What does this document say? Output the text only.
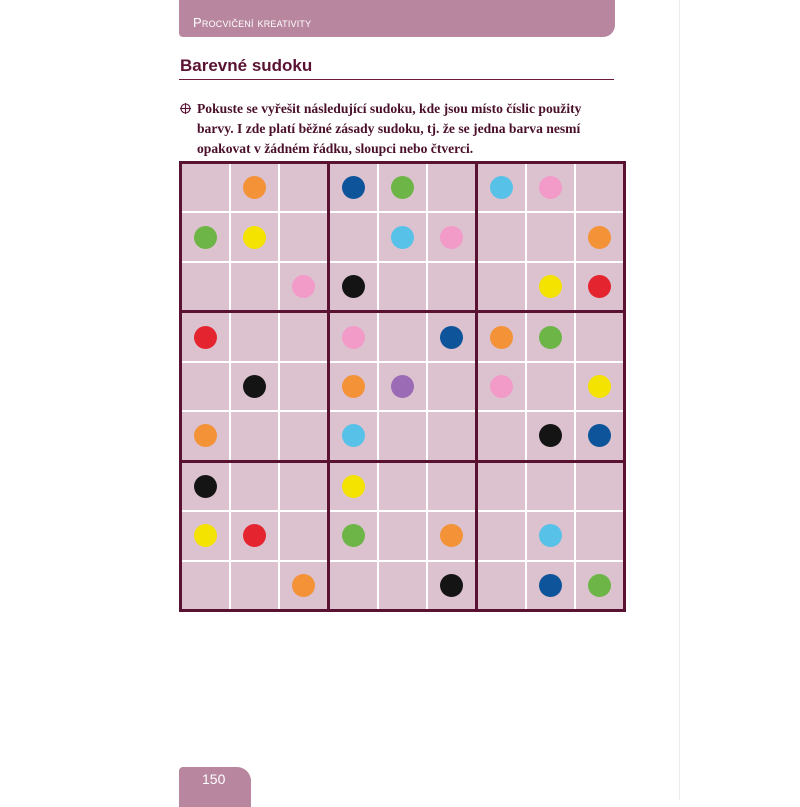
Procvičení kreativity
Barevné sudoku
Pokuste se vyřešit následující sudoku, kde jsou místo číslic použity barvy. I zde platí běžné zásady sudoku, tj. že se jedna barva nesmí opakovat v žádném řádku, sloupci nebo čtverci.
150
